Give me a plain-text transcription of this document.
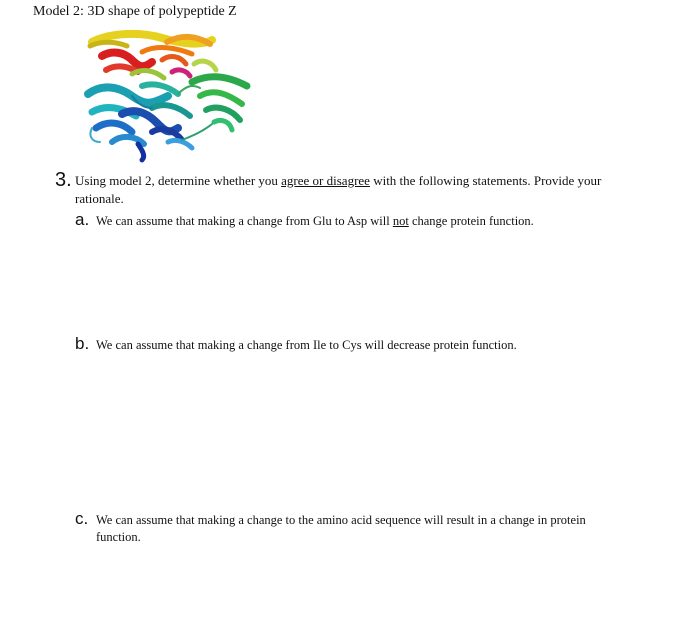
Model 2: 3D shape of polypeptide Z
3. Using model 2, determine whether you agree or disagree with the following statements. Provide your
rationale.
a. We can assume that making a change from Glu to Asp will not change protein function.
b. We can assume that making a change from Ile to Cys will decrease protein function.
c. We can assume that making a change to the amino acid sequence will result in a change in protein
function.
